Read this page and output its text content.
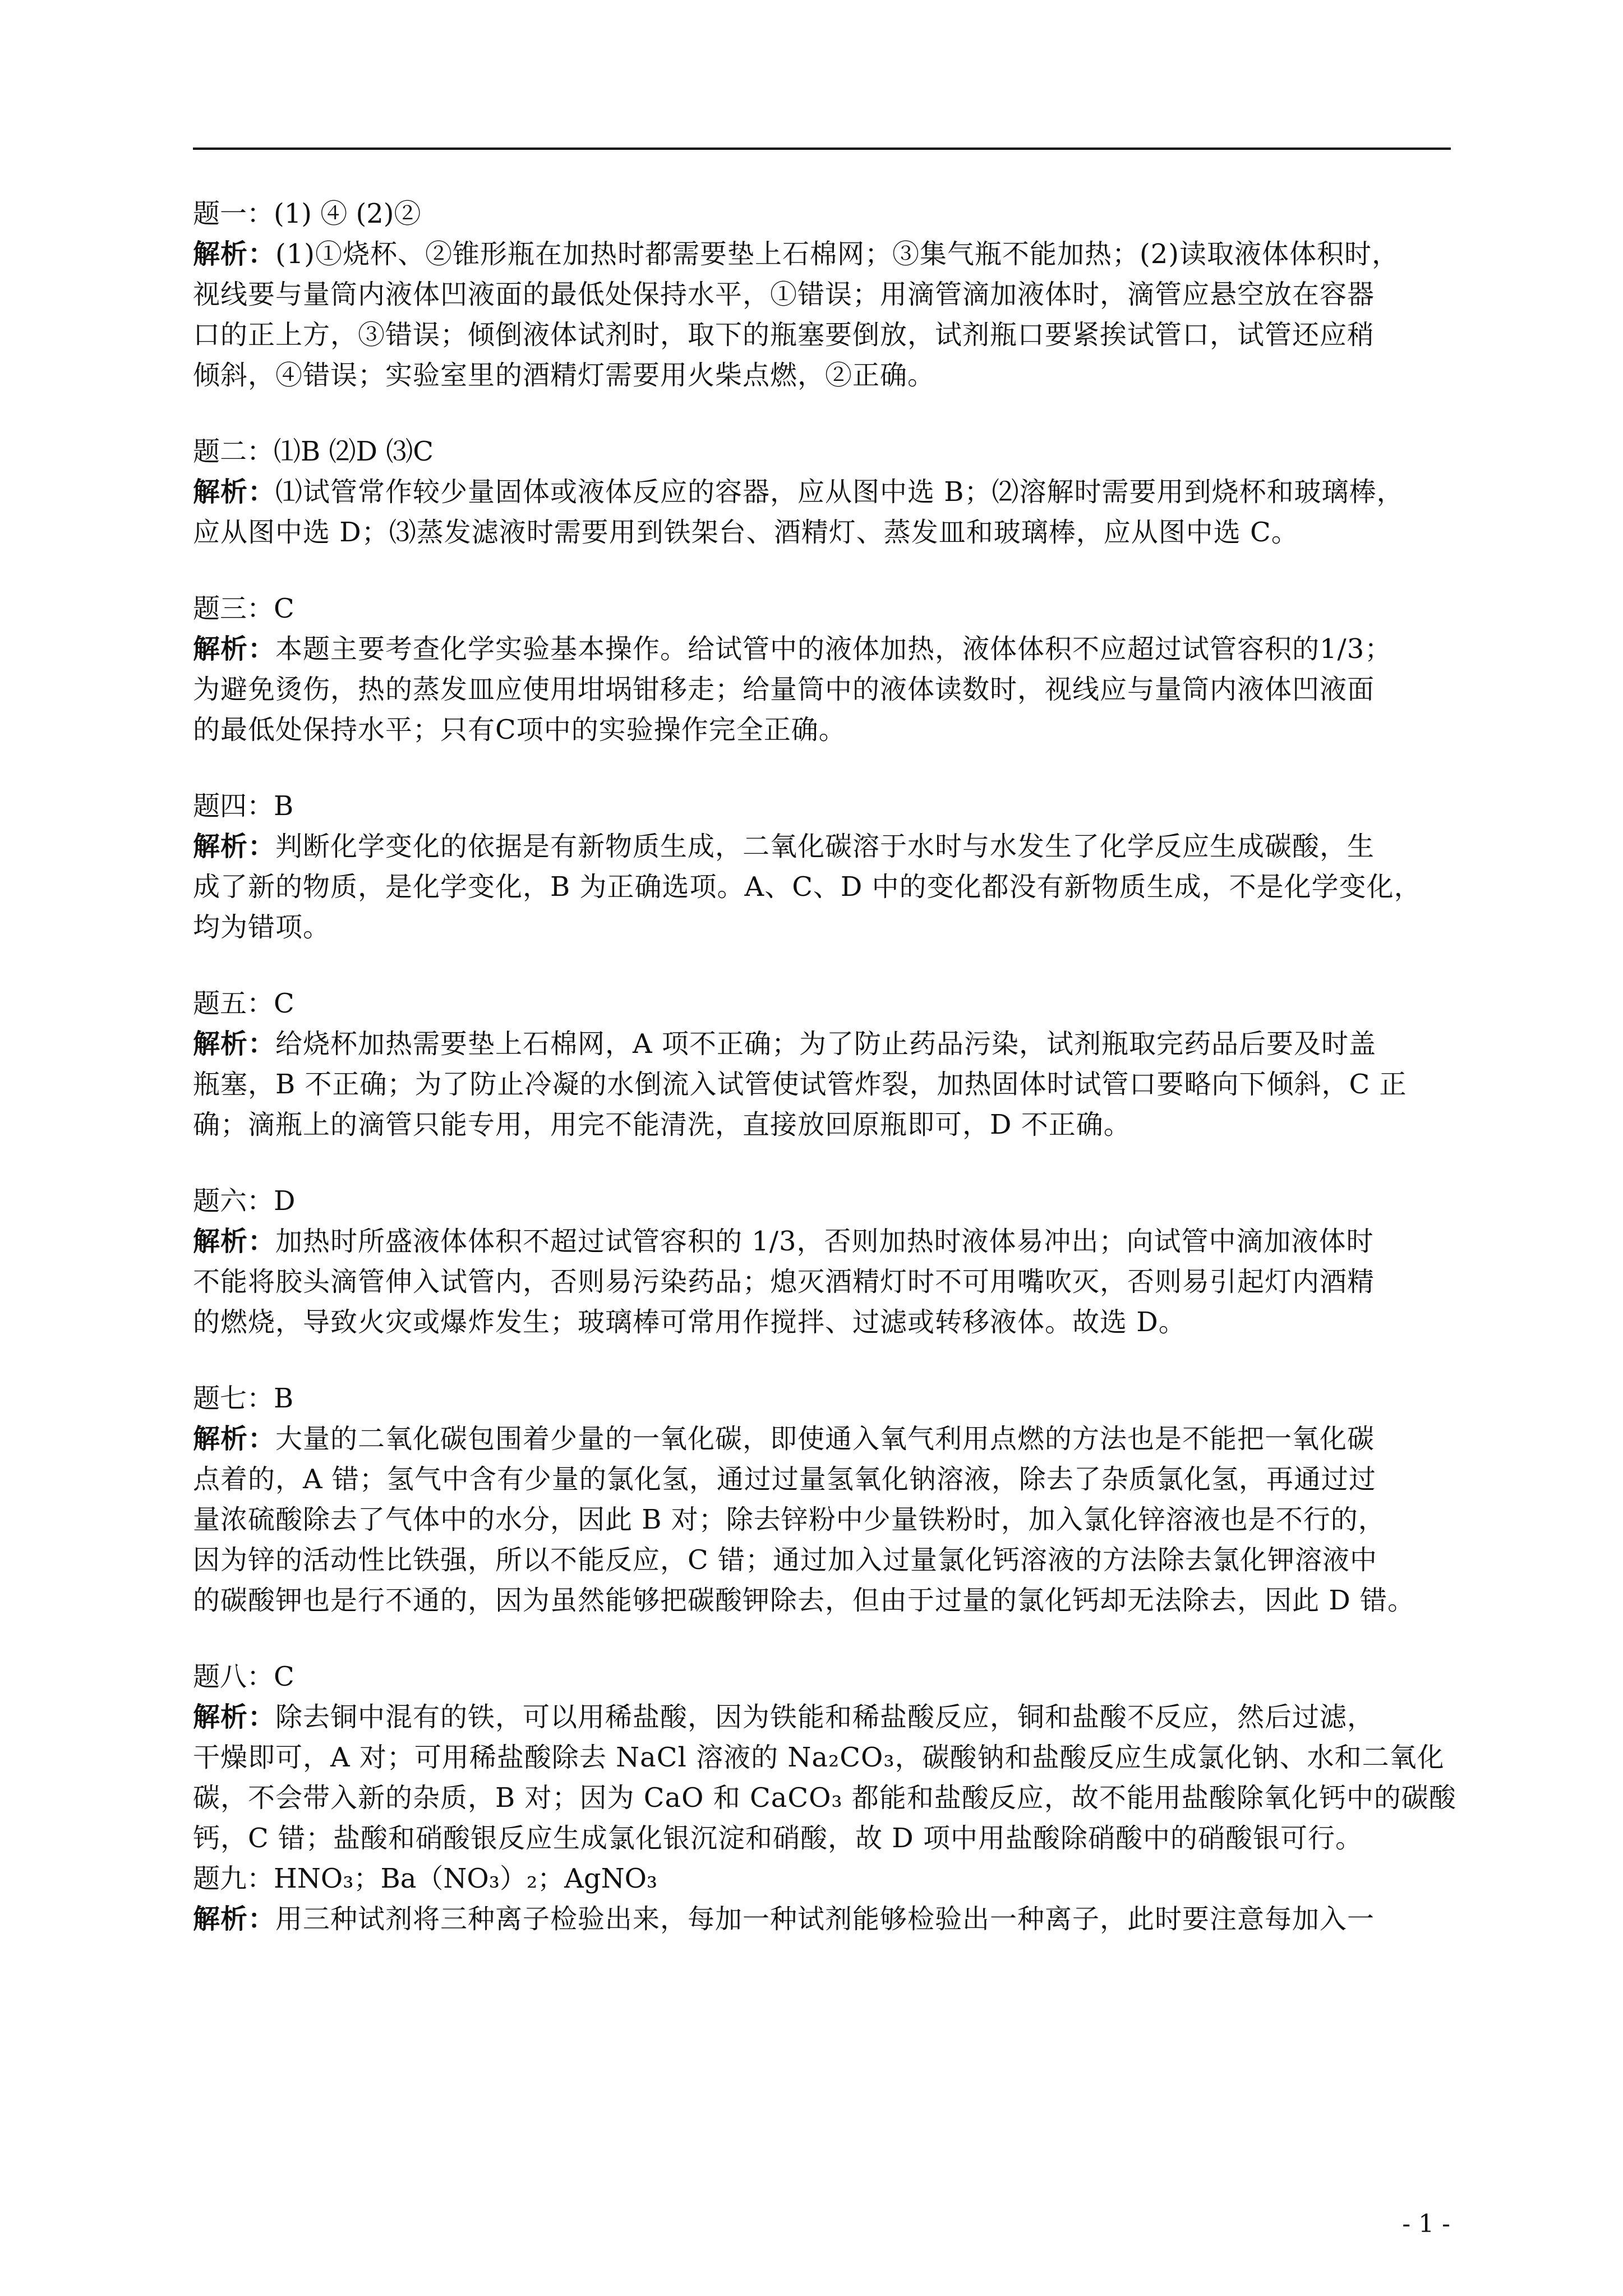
题一：(1) ④ (2)②
解析：(1)①烧杯、②锥形瓶在加热时都需要垫上石棉网；③集气瓶不能加热；(2)读取液体体积时，
视线要与量筒内液体凹液面的最低处保持水平，①错误；用滴管滴加液体时，滴管应悬空放在容器
口的正上方，③错误；倾倒液体试剂时，取下的瓶塞要倒放，试剂瓶口要紧挨试管口，试管还应稍
倾斜，④错误；实验室里的酒精灯需要用火柴点燃，②正确。
题二：⑴B ⑵D ⑶C
解析：⑴试管常作较少量固体或液体反应的容器，应从图中选 B；⑵溶解时需要用到烧杯和玻璃棒，
应从图中选 D；⑶蒸发滤液时需要用到铁架台、酒精灯、蒸发皿和玻璃棒，应从图中选 C。
题三：C
解析：本题主要考查化学实验基本操作。给试管中的液体加热，液体体积不应超过试管容积的1/3；
为避免烫伤，热的蒸发皿应使用坩埚钳移走；给量筒中的液体读数时，视线应与量筒内液体凹液面
的最低处保持水平；只有C项中的实验操作完全正确。
题四：B
解析：判断化学变化的依据是有新物质生成，二氧化碳溶于水时与水发生了化学反应生成碳酸，生
成了新的物质，是化学变化，B 为正确选项。A、C、D 中的变化都没有新物质生成，不是化学变化，
均为错项。
题五：C
解析：给烧杯加热需要垫上石棉网，A 项不正确；为了防止药品污染，试剂瓶取完药品后要及时盖
瓶塞，B 不正确；为了防止冷凝的水倒流入试管使试管炸裂，加热固体时试管口要略向下倾斜，C 正
确；滴瓶上的滴管只能专用，用完不能清洗，直接放回原瓶即可，D 不正确。
题六：D
解析：加热时所盛液体体积不超过试管容积的 1/3，否则加热时液体易冲出；向试管中滴加液体时
不能将胶头滴管伸入试管内，否则易污染药品；熄灭酒精灯时不可用嘴吹灭，否则易引起灯内酒精
的燃烧，导致火灾或爆炸发生；玻璃棒可常用作搅拌、过滤或转移液体。故选 D。
题七：B
解析：大量的二氧化碳包围着少量的一氧化碳，即使通入氧气利用点燃的方法也是不能把一氧化碳
点着的，A 错；氢气中含有少量的氯化氢，通过过量氢氧化钠溶液，除去了杂质氯化氢，再通过过
量浓硫酸除去了气体中的水分，因此 B 对；除去锌粉中少量铁粉时，加入氯化锌溶液也是不行的，
因为锌的活动性比铁强，所以不能反应，C 错；通过加入过量氯化钙溶液的方法除去氯化钾溶液中
的碳酸钾也是行不通的，因为虽然能够把碳酸钾除去，但由于过量的氯化钙却无法除去，因此 D 错。
题八：C
解析：除去铜中混有的铁，可以用稀盐酸，因为铁能和稀盐酸反应，铜和盐酸不反应，然后过滤，
干燥即可，A 对；可用稀盐酸除去 NaCl 溶液的 Na₂CO₃，碳酸钠和盐酸反应生成氯化钠、水和二氧化
碳，不会带入新的杂质，B 对；因为 CaO 和 CaCO₃ 都能和盐酸反应，故不能用盐酸除氧化钙中的碳酸
钙，C 错；盐酸和硝酸银反应生成氯化银沉淀和硝酸，故 D 项中用盐酸除硝酸中的硝酸银可行。
题九：HNO₃；Ba（NO₃）₂；AgNO₃
解析：用三种试剂将三种离子检验出来，每加一种试剂能够检验出一种离子，此时要注意每加入一
- 1 -
